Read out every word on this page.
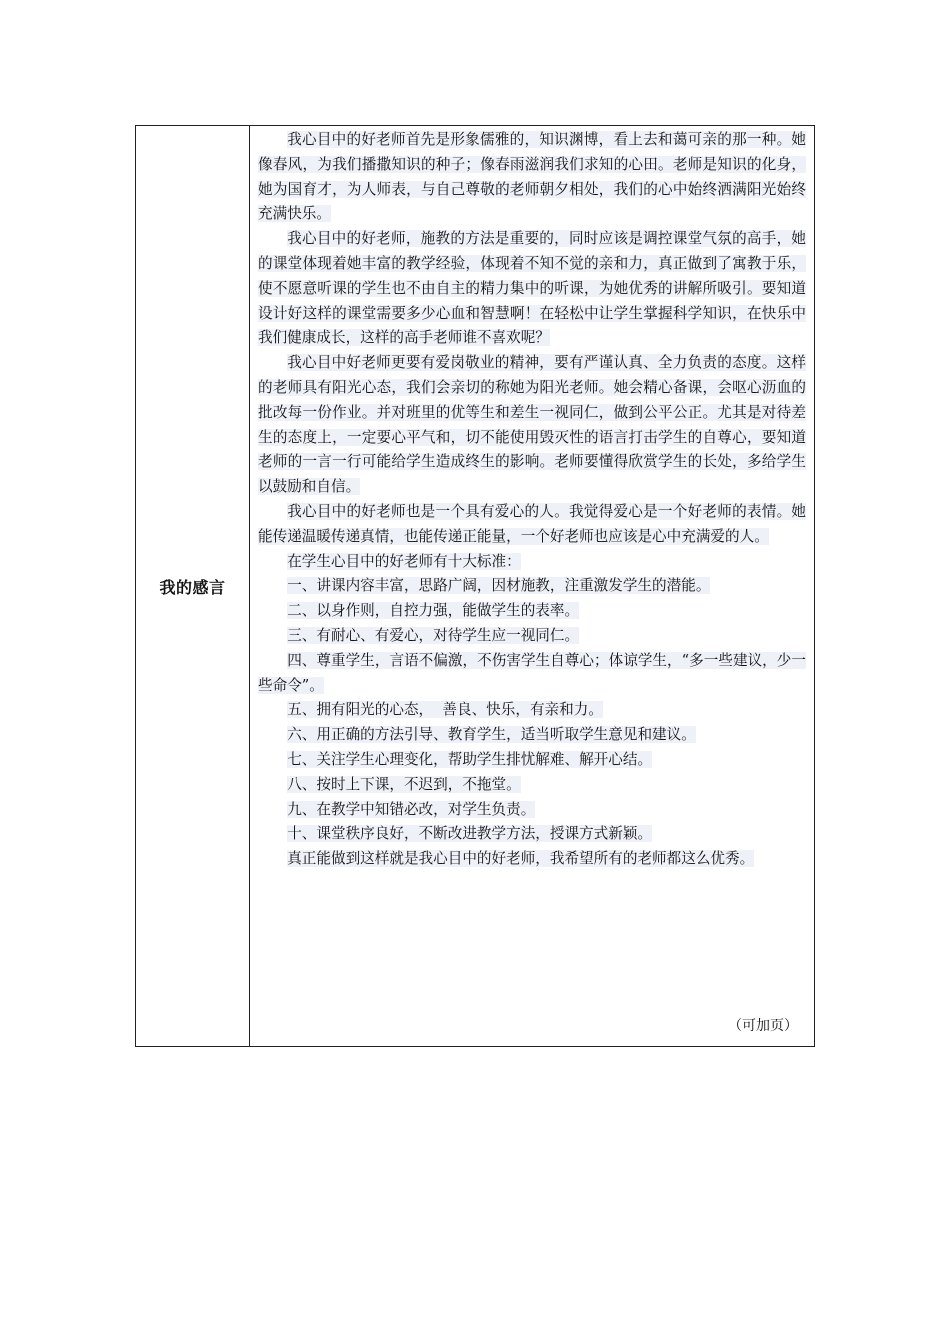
我的感言

我心目中的好老师首先是形象儒雅的，知识渊博，看上去和蔼可亲的那一种。她像春风，为我们播撒知识的种子；像春雨滋润我们求知的心田。老师是知识的化身，她为国育才，为人师表，与自己尊敬的老师朝夕相处，我们的心中始终洒满阳光始终充满快乐。

我心目中的好老师，施教的方法是重要的，同时应该是调控课堂气氛的高手，她的课堂体现着她丰富的教学经验，体现着不知不觉的亲和力，真正做到了寓教于乐，使不愿意听课的学生也不由自主的精力集中的听课，为她优秀的讲解所吸引。要知道设计好这样的课堂需要多少心血和智慧啊！在轻松中让学生掌握科学知识，在快乐中我们健康成长，这样的高手老师谁不喜欢呢？

我心目中好老师更要有爱岗敬业的精神，要有严谨认真、全力负责的态度。这样的老师具有阳光心态，我们会亲切的称她为阳光老师。她会精心备课，会呕心沥血的批改每一份作业。并对班里的优等生和差生一视同仁，做到公平公正。尤其是对待差生的态度上，一定要心平气和，切不能使用毁灭性的语言打击学生的自尊心，要知道老师的一言一行可能给学生造成终生的影响。老师要懂得欣赏学生的长处，多给学生以鼓励和自信。

我心目中的好老师也是一个具有爱心的人。我觉得爱心是一个好老师的表情。她能传递温暖传递真情，也能传递正能量，一个好老师也应该是心中充满爱的人。

在学生心目中的好老师有十大标准：

一、讲课内容丰富，思路广阔，因材施教，注重激发学生的潜能。

二、以身作则，自控力强，能做学生的表率。

三、有耐心、有爱心，对待学生应一视同仁。

四、尊重学生，言语不偏激，不伤害学生自尊心；体谅学生，“多一些建议，少一些命令”。

五、拥有阳光的心态，  善良、快乐，有亲和力。

六、用正确的方法引导、教育学生，适当听取学生意见和建议。

七、关注学生心理变化，帮助学生排忧解难、解开心结。

八、按时上下课，不迟到，不拖堂。

九、在教学中知错必改，对学生负责。

十、课堂秩序良好，不断改进教学方法，授课方式新颖。

真正能做到这样就是我心目中的好老师，我希望所有的老师都这么优秀。

（可加页）
